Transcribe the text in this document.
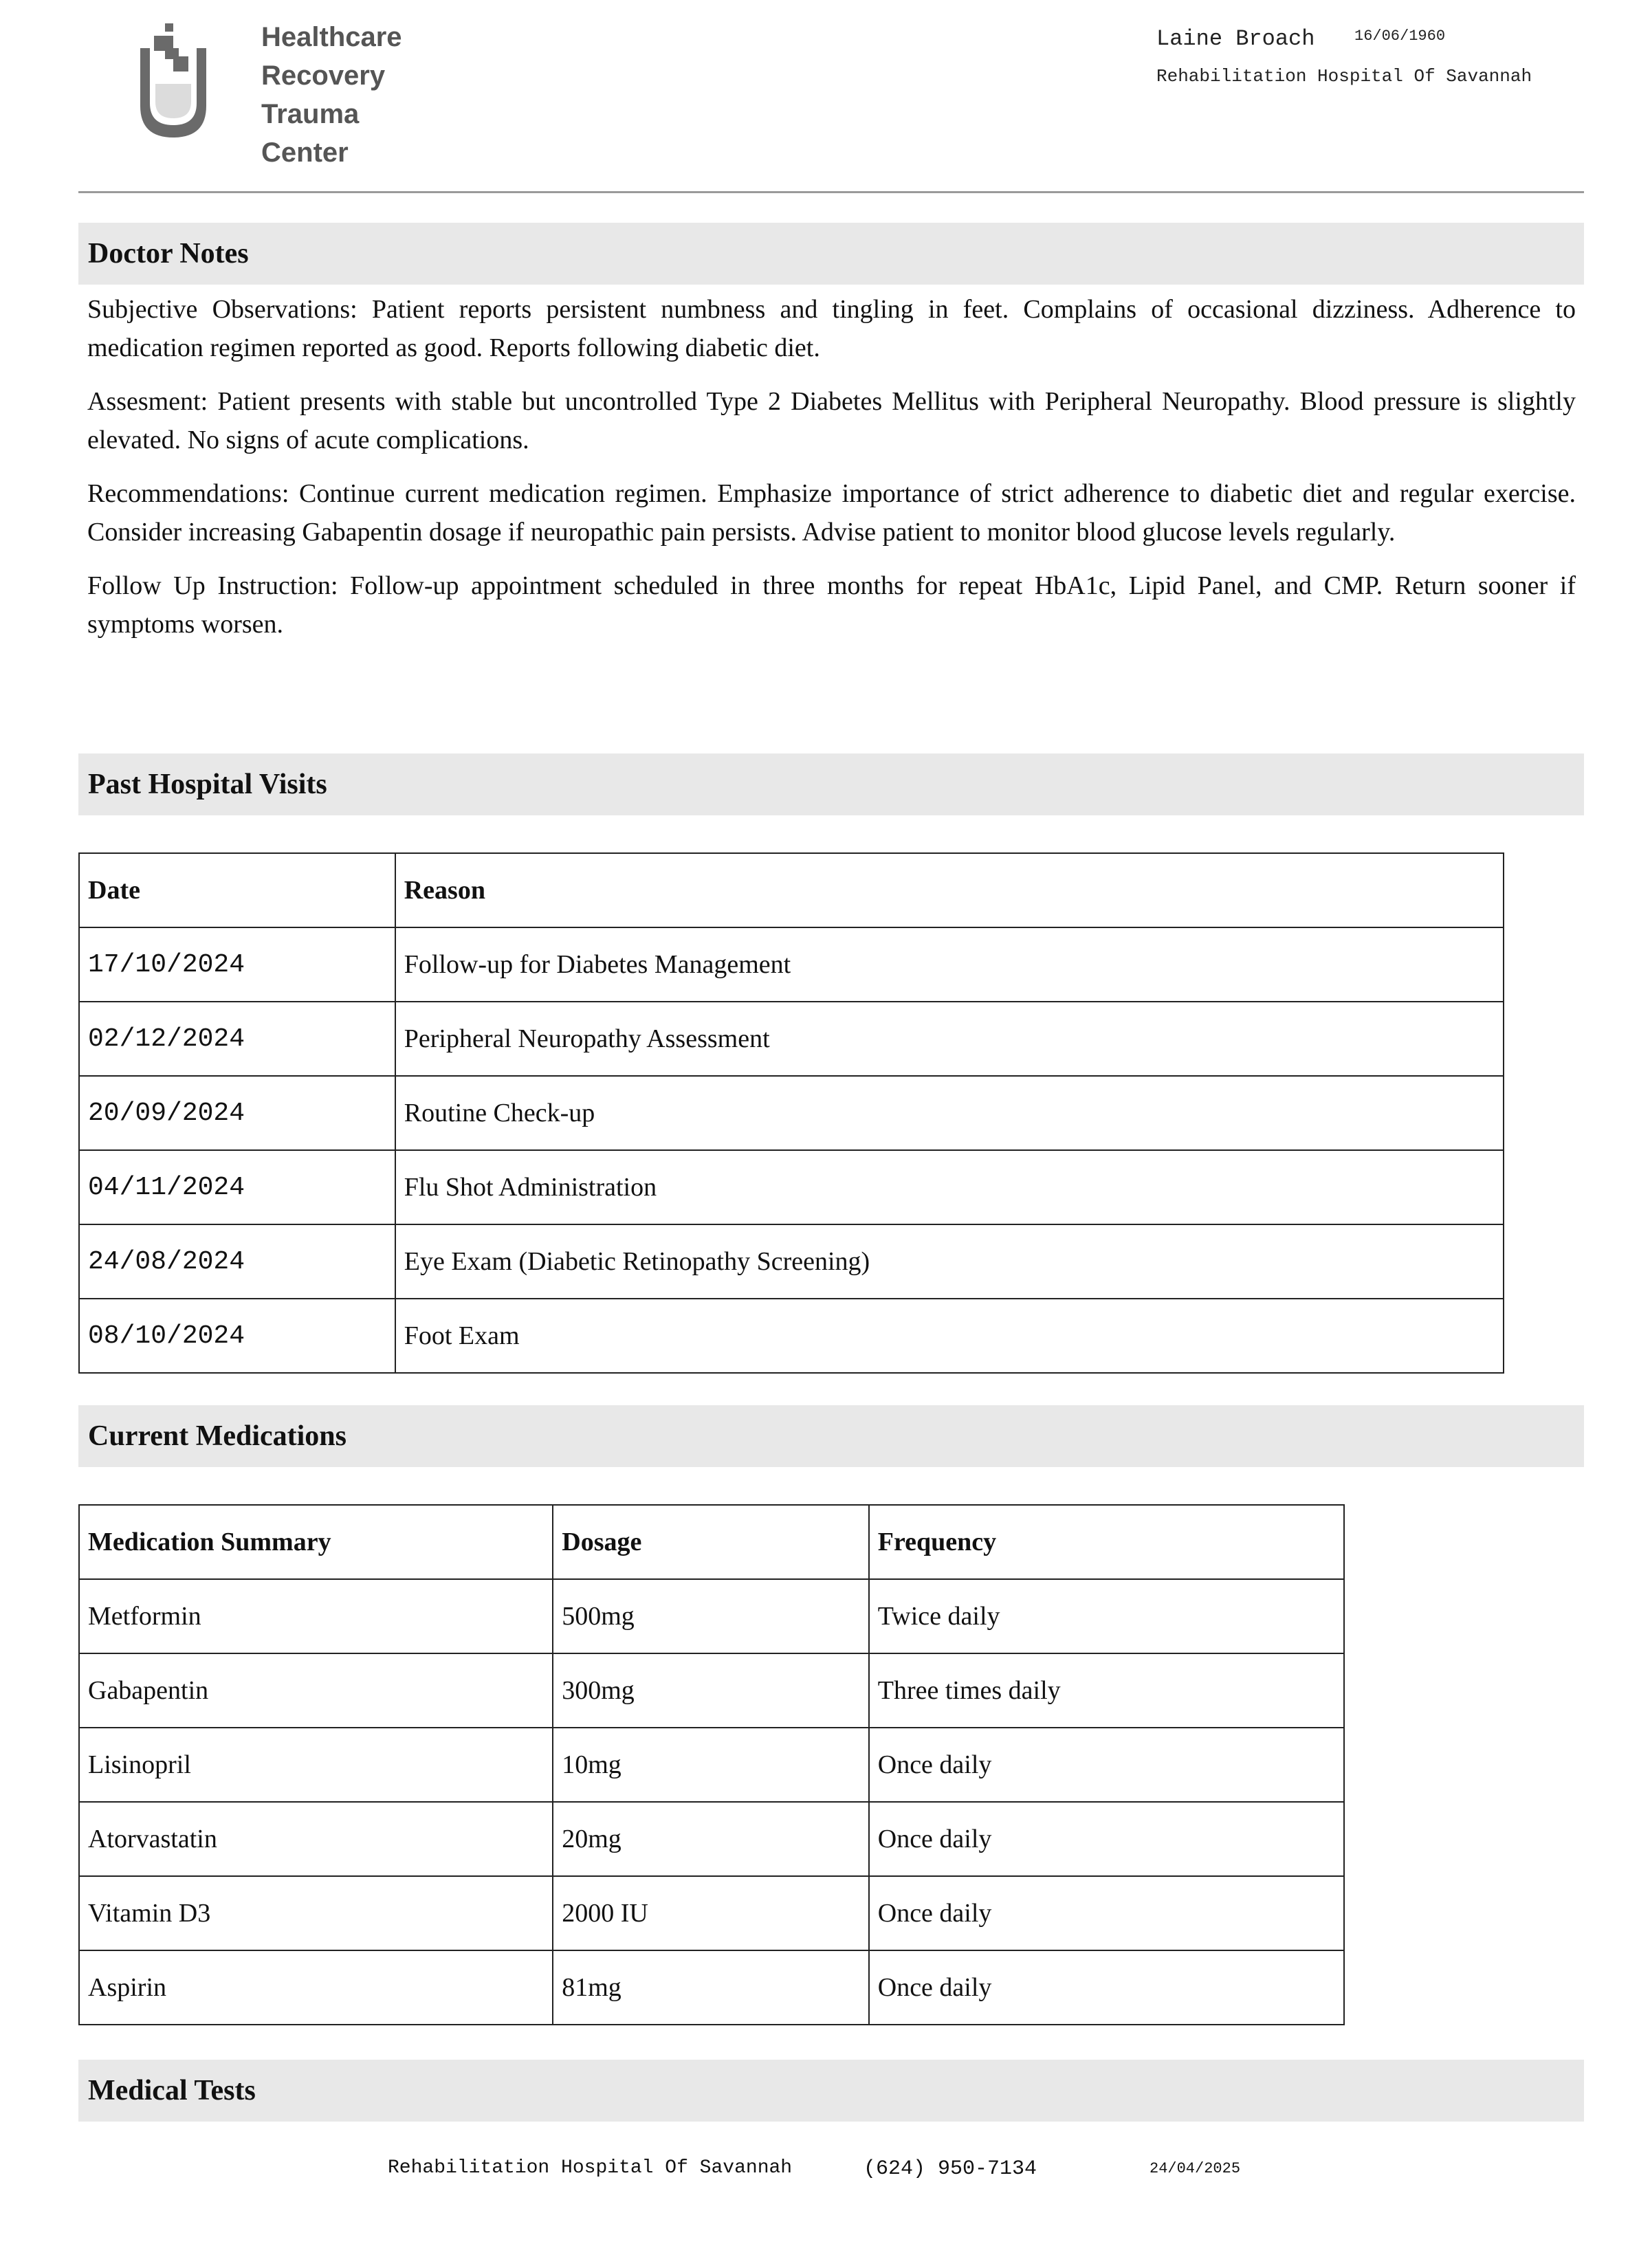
Healthcare
Recovery
Trauma
Center
Laine Broach	16/06/1960
Rehabilitation Hospital Of Savannah
Doctor Notes

Subjective Observations: Patient reports persistent numbness and tingling in feet. Complains of occasional dizziness. Adherence to medication regimen reported as good. Reports following diabetic diet.

Assesment: Patient presents with stable but uncontrolled Type 2 Diabetes Mellitus with Peripheral Neuropathy. Blood pressure is slightly elevated. No signs of acute complications.

Recommendations: Continue current medication regimen. Emphasize importance of strict adherence to diabetic diet and regular exercise. Consider increasing Gabapentin dosage if neuropathic pain persists. Advise patient to monitor blood glucose levels regularly.

Follow Up Instruction: Follow-up appointment scheduled in three months for repeat HbA1c, Lipid Panel, and CMP. Return sooner if symptoms worsen.

Past Hospital Visits
Date	Reason
17/10/2024	Follow-up for Diabetes Management
02/12/2024	Peripheral Neuropathy Assessment
20/09/2024	Routine Check-up
04/11/2024	Flu Shot Administration
24/08/2024	Eye Exam (Diabetic Retinopathy Screening)
08/10/2024	Foot Exam
Current Medications
Medication Summary	Dosage	Frequency
Metformin	500mg	Twice daily
Gabapentin	300mg	Three times daily
Lisinopril	10mg	Once daily
Atorvastatin	20mg	Once daily
Vitamin D3	2000 IU	Once daily
Aspirin	81mg	Once daily
Medical Tests
Rehabilitation Hospital Of Savannah	(624) 950-7134	24/04/2025
